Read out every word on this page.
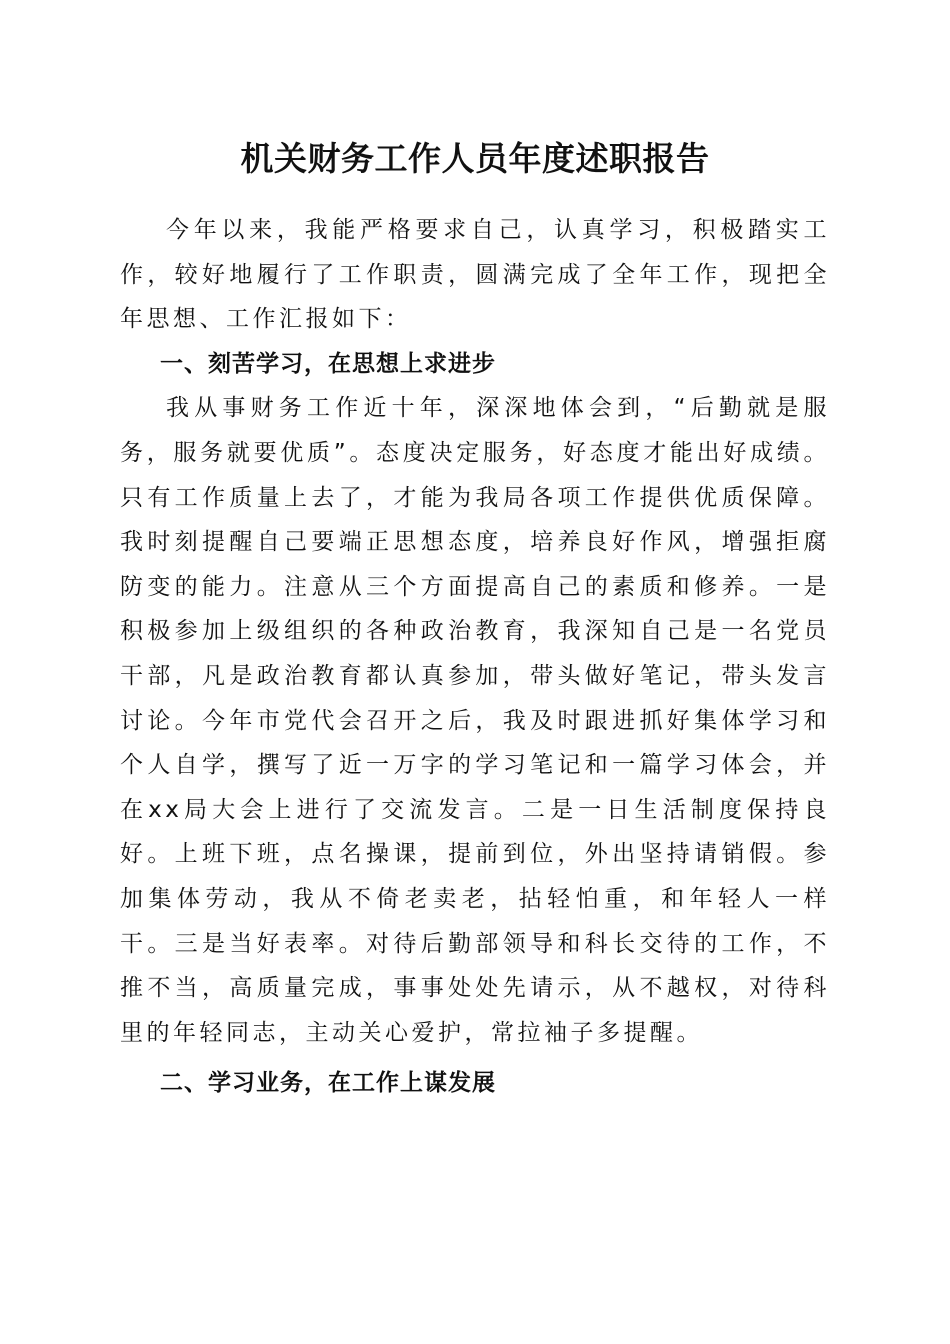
机关财务工作人员年度述职报告

今年以来，我能严格要求自己，认真学习，积极踏实工作，较好地履行了工作职责，圆满完成了全年工作，现把全年思想、工作汇报如下：

一、刻苦学习，在思想上求进步

我从事财务工作近十年，深深地体会到，“后勤就是服务，服务就要优质”。态度决定服务，好态度才能出好成绩。只有工作质量上去了，才能为我局各项工作提供优质保障。我时刻提醒自己要端正思想态度，培养良好作风，增强拒腐防变的能力。注意从三个方面提高自己的素质和修养。一是积极参加上级组织的各种政治教育，我深知自己是一名党员干部，凡是政治教育都认真参加，带头做好笔记，带头发言讨论。今年市党代会召开之后，我及时跟进抓好集体学习和个人自学，撰写了近一万字的学习笔记和一篇学习体会，并在xx局大会上进行了交流发言。二是一日生活制度保持良好。上班下班，点名操课，提前到位，外出坚持请销假。参加集体劳动，我从不倚老卖老，拈轻怕重，和年轻人一样干。三是当好表率。对待后勤部领导和科长交待的工作，不推不当，高质量完成，事事处处先请示，从不越权，对待科里的年轻同志，主动关心爱护，常拉袖子多提醒。

二、学习业务，在工作上谋发展
